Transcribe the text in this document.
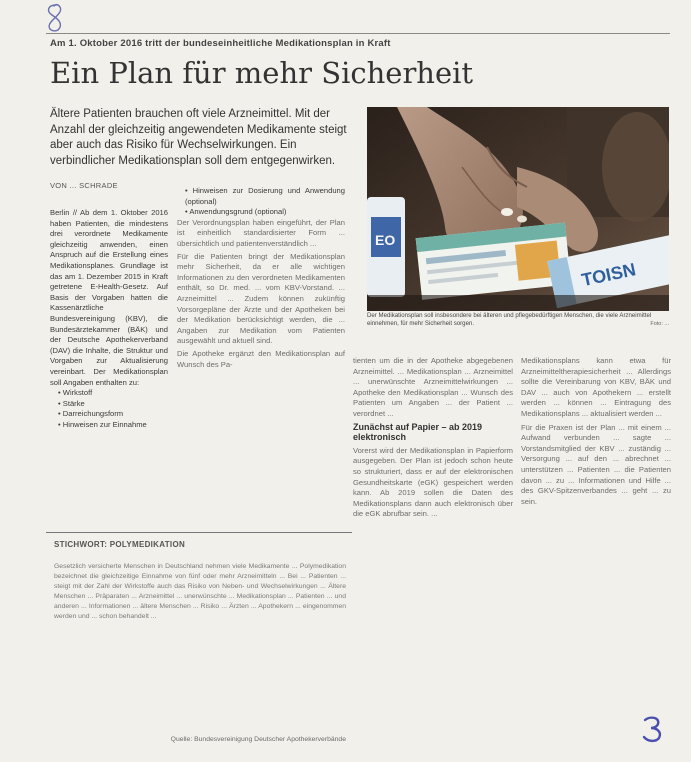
Am 1. Oktober 2016 tritt der bundeseinheitliche Medikationsplan in Kraft
Ein Plan für mehr Sicherheit
Ältere Patienten brauchen oft viele Arzneimittel. Mit der Anzahl der gleichzeitig angewendeten Medikamente steigt aber auch das Risiko für Wechselwirkungen. Ein verbindlicher Medikationsplan soll dem entgegenwirken.
EO
TOISN
Der Medikationsplan soll insbesondere bei älteren und pflegebedürftigen Menschen, die viele Arzneimittel einnehmen, für mehr Sicherheit sorgen.	Foto: ...
VON ... SCHRADE

Berlin // Ab dem 1. Oktober 2016 haben Patienten, die mindestens drei verordnete Medikamente gleichzeitig anwenden, einen Anspruch auf die Erstellung eines Medikationsplanes. Grundlage ist das am 1. Dezember 2015 in Kraft getretene E-Health-Gesetz. Auf Basis der Vorgaben hatten die Kassenärztliche Bundesvereinigung (KBV), die Bundesärztekammer (BÄK) und der Deutsche Apothekerverband (DAV) die Inhalte, die Struktur und Vorgaben zur Aktualisierung vereinbart. Der Medikationsplan soll Angaben enthalten zu:

• Wirkstoff
• Stärke
• Darreichungsform
• Hinweisen zur Einnahme
• Hinweisen zur Dosierung und Anwendung (optional)
• Anwendungsgrund (optional)

Der Verordnungsplan haben eingeführt, der Plan ist einheitlich standardisierter Form ... übersichtlich und patientenverständlich ...

Für die Patienten bringt der Medikationsplan mehr Sicherheit, da er alle wichtigen Informationen zu den verordneten Medikamenten enthält, so Dr. med. ... vom KBV-Vorstand. ... Arzneimittel ... Zudem können zukünftig Vorsorgepläne der Ärzte und der Apotheken bei der Medikation berücksichtigt werden, die ... Angaben zur Medikation vom Patienten ausgewählt und aktuell sind.

Die Apotheke ergänzt den Medikationsplan auf Wunsch des Pa-	tienten um die in der Apotheke abgegebenen Arzneimittel. ... Medikationsplan ... Arzneimittel ... unerwünschte Arzneimittelwirkungen ... Apotheke den Medikationsplan ... Wunsch des Patienten um Angaben ... der Patient ... verordnet ...

Zunächst auf Papier – ab 2019 elektronisch

Vorerst wird der Medikationsplan in Papierform ausgegeben. Der Plan ist jedoch schon heute so strukturiert, dass er auf der elektronischen Gesundheitskarte (eGK) gespeichert werden kann. Ab 2019 sollen die Daten des Medikationsplans dann auch elektronisch über die eGK abrufbar sein. ...

Medikationsplans kann etwa für Arzneimitteltherapiesicherheit ... Allerdings sollte die Vereinbarung von KBV, BÄK und DAV ... auch von Apothekern ... erstellt werden ... können ... Eintragung des Medikationsplans ... aktualisiert werden ...

Für die Praxen ist der Plan ... mit einem ... Aufwand verbunden ... sagte ... Vorstandsmitglied der KBV ... zuständig ... Versorgung ... auf den ... abrechnet ... unterstützen ... Patienten ... die Patienten davon ... zu ... Informationen und Hilfe ... des GKV-Spitzenverbandes ... geht ... zu sein.

STICHWORT: POLYMEDIKATION
Gesetzlich versicherte Menschen in Deutschland nehmen viele Medikamente ... Polymedikation bezeichnet die gleichzeitige Einnahme von fünf oder mehr Arzneimitteln ... Bei ... Patienten ... steigt mit der Zahl der Wirkstoffe auch das Risiko von Neben- und Wechselwirkungen ... Ältere Menschen ... Präparaten ... Arzneimittel ... unerwünschte ... Medikationsplan ... Patienten ... und anderen ... Informationen ... ältere Menschen ... Risiko ... Ärzten ... Apothekern ... eingenommen werden und ... schon behandelt ...
Quelle: Bundesvereinigung Deutscher Apothekerverbände
